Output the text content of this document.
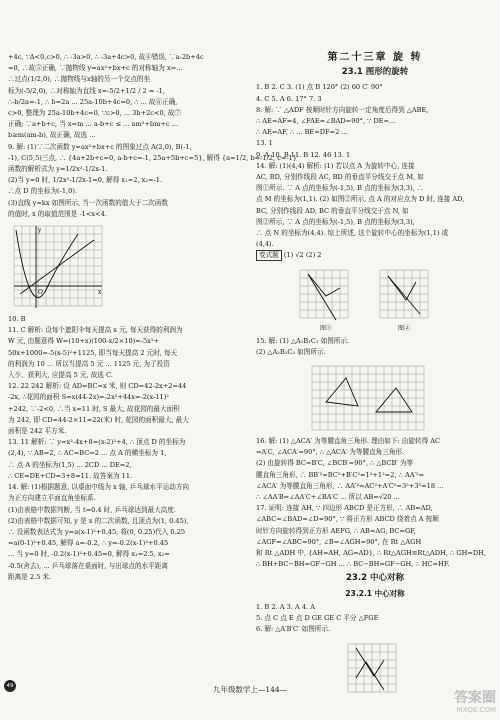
+4c, ∵Δ<0,c>0, ∴ -3a>0, ∴ -3a+4c>0, 故④错误, ∵a-2b+4c
=0, ∴故⑤正确, ∵抛物线 y=ax²+bx+c 的对称轴为 x=...
∴过点(1/2,0), ∴抛物线与x轴的另一个交点的坐
标为(-5/2,0), ∴对称轴为直线 x=-5/2+1/2 / 2 = -1,
∴-b/2a=-1, ∴ b=2a ... 25a-10b+4c=0, ∴ ... 故⑥正确,
c>0, 整理为 25a-10b+4c=0, ∵c>0, ... 3b+2c<0, 故⑦
正确; ∵a+b+c, 当 x=m ... a-b+c ≤ ... am²+bm+c ...
b≥m(am-b), 故正确, 故选 ...
9. 解: (1)∵二次函数 y=ax²+bx+c 的图象过点 A(2,0), B(-1,
-1), C(5,5)三点, ∴ {4a+2b+c=0, a-b+c=-1, 25a+5b+c=5}, 解得 {a=1/2, b=-1/2, c=-1}
函数的解析式为 y=1/2x²-1/2x-1.
(2)当 y=0 时, 1/2x²-1/2x-1=0, 解得 x₁=2, x₂=-1.
∴点 D 的坐标为(-1,0).
(3)直线 y=kx 如图所示, 当一次函数的值大于二次函数
的值时, x 的取值范围是 -1<x<4.
O	x
y
10. B
11. C 解析: 设每个遮阳伞每天提高 x 元, 每天获得的利润为
W 元, 由题意得 W=(10+x)(100-x/2×10)=-5x²+
50x+1000=-5(x-5)²+1125, 即当每天提高 2 元时, 每天
的利润为 10 ... 所以当提高 5 元 ... 1125 元, 为了投资
入少、获利大, 应提高 5 元, 故选 C.
12. 22 242 解析: 设 AD=BC=x 米, 则 CD=42-2x+2=44
-2x, ∴花园的面积 S=x(44-2x)=-2x²+44x=-2(x-11)²
+242, ∵-2<0, ∴当 x=11 时, S 最大, 故花园的最大面积
为 242, 即 CD=44-2×11=22(米) 时, 花园的面积最大, 最大
面积是 242 平方米.
13. 11 解析: ∵ y=x²-4x+8=(x-2)²+4, ∴ 顶点 D 的坐标为
(2,4), ∵ AB=2, ∴ AC=BC=2 ... 点 A 的横坐标为 1,
∴ 点 A 的坐标为(1,5) ... 2CD ... DE=2,
∴ CE=DE+CD=3+8=11. 故答案为 11.
14. 解: (1)根据题意, 以桌面中线为 x 轴, 乒乓球水平运动方向
为正方向建立平面直角坐标系.
(1)由表格中数据判断, 当 t=0.4 时, 乒乓球达到最大高度.
(2)由表格中数据可知, y 是 x 的二次函数, 且顶点为(1, 0.45),
∴ 设函数表达式为 y=a(x-1)²+0.45, 将(0, 0.25)代入 0.25
=a(0-1)²+0.45, 解得 a=-0.2, ∴ y=-0.2(x-1)²+0.45
... 当 y=0 时, -0.2(x-1)²+0.45=0, 解得 x₁=2.5, x₂=
-0.5(舍去), ... 乒乓球落在桌面时, 与出球点的水平距离
距离是 2.5 米.
第二十三章 旋 转
23.1 图形的旋转
1. B 2. C 3. (1) 点 B 120° (2) 60 C′ 90°
4. C 5. A 6. 17° 7. 3
8. 解: ∵ △ADF 按顺时针方向旋转一定角度后得到 △ABE,
∴ AE=AF=4, ∠FAE=∠BAD=90°, ∵ DE=...
∴ AE=AF, ∴ ... BE=DF=2 ...
13. 1
9. A 10. B 11. B 12. 46 13. 1
14. 解: (1)(4,4) 解析: (1) 若以点 A 为旋转中心, 连接
AC, BD, 分别作线段 AC, BD 的垂直平分线交于点 M, 如
图①所示. ∵ A 点的坐标为(-1,5), B 点的坐标为(3,3), ∴
点 M 的坐标为(1,1). (2) 如图②所示, 点 A 的对应点为 D 时, 连接 AD,
BC, 分别作线段 AD, BC 的垂直平分线交于点 N, 如
图②所示, ∵ A 点的坐标为(-1,5), B 点的坐标为(3,3),
∴ 点 N 的坐标为(4,4). 综上所述, 这个旋转中心的坐标为(1,1) 或
(4,4).
变式题 (1) √2 (2) 2
图①	图②
15. 解: (1) △A₁B₁C₁ 如图所示.
(2) △A₂B₂C₂ 如图所示.
16. 解: (1) △ACA′ 为等腰直角三角形. 理由如下: 由旋转得 AC
=A′C, ∠ACA′=90°, ∴ △ACA′ 为等腰直角三角形.
(2) 由旋转得 BC=B′C, ∠BCB′=90°, ∴ △BCB′ 为等
腰直角三角形, ∴ BB′²=BC²+B′C²=1²+1²=2, ∴ AA′²=
∠ACA′ 为等腰直角三角形, ∴ AA′²=AC²+A′C²=3²+3²=18 ...
∴ ∠AA′B=∠AA′C+∠BA′C ... 所以 AB=√20 ...
17. 证明: 连接 AH, ∵ 四边形 ABCD 是正方形, ∴ AB=AD,
∠ABC=∠BAD=∠D=90°, ∵ 将正方形 ABCD 绕着点 A 按顺
时针方向旋转得到正方形 AEFG, ∴ AB=AG, BC=GF,
∠AGF=∠ABC=90°, ∠B=∠AGH=90°, 在 Rt △AGH
和 Rt △ADH 中, {AH=AH, AG=AD}, ∴ Rt△AGH≌Rt△ADH, ∴ GH=DH,
∴ BH+BC−BH=GF−GH ... ∴ BC−BH=GF−GH, ∴ HC=HF.
23.2 中心对称
23.2.1 中心对称
1. B 2. A 3. A 4. A
5. 点 C 点 E 点 D GE GE C 平分 △FGE
6. 解: △A′B′C′ 如图所示.
49	九年级数学上—144—
答案圈
MXQE.COM
